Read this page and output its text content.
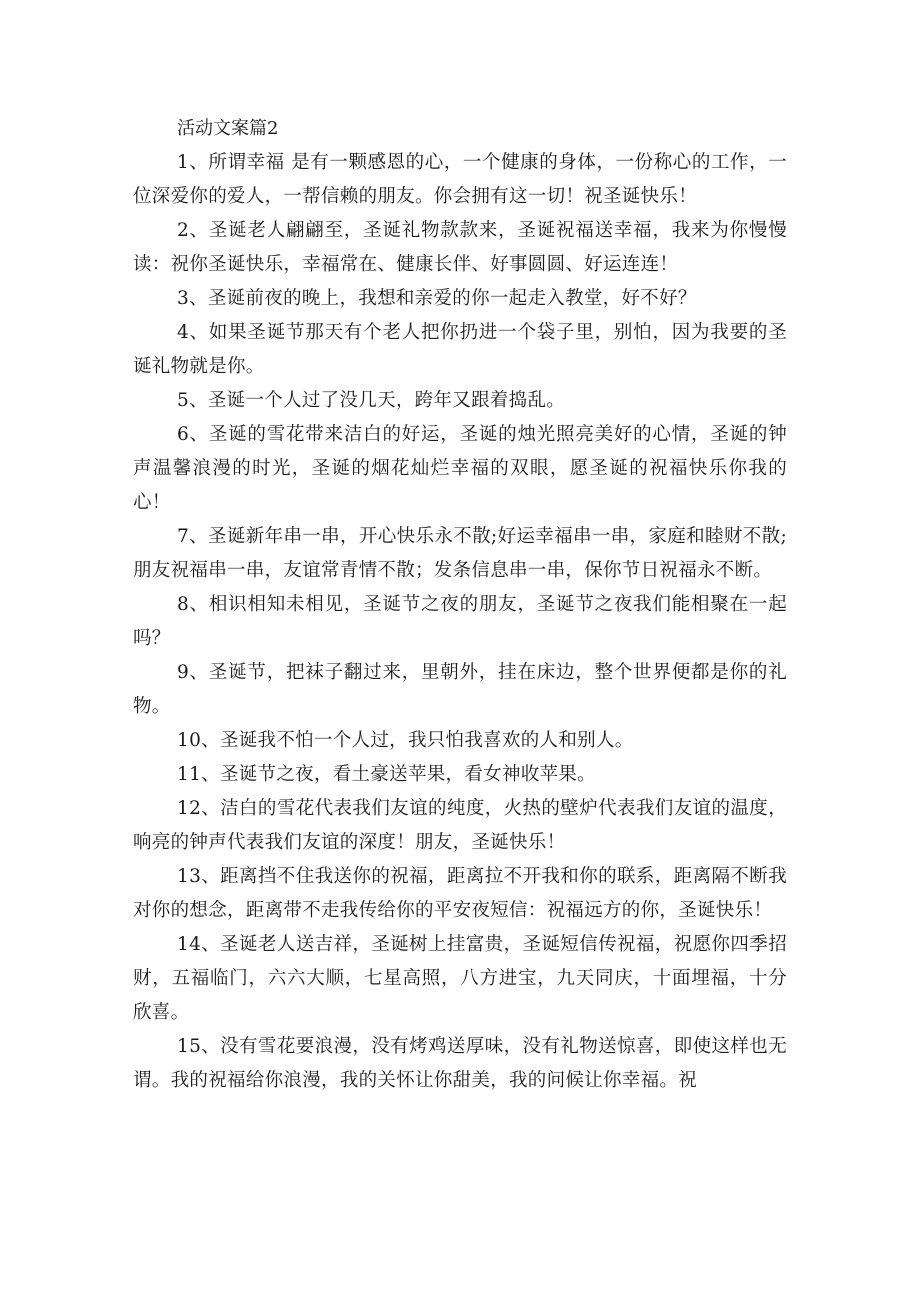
活动文案篇2

1、所谓幸福 是有一颗感恩的心，一个健康的身体，一份称心的工作，一位深爱你的爱人，一帮信赖的朋友。你会拥有这一切！祝圣诞快乐！

2、圣诞老人翩翩至，圣诞礼物款款来，圣诞祝福送幸福，我来为你慢慢读：祝你圣诞快乐，幸福常在、健康长伴、好事圆圆、好运连连！

3、圣诞前夜的晚上，我想和亲爱的你一起走入教堂，好不好？

4、如果圣诞节那天有个老人把你扔进一个袋子里，别怕，因为我要的圣诞礼物就是你。

5、圣诞一个人过了没几天，跨年又跟着捣乱。

6、圣诞的雪花带来洁白的好运，圣诞的烛光照亮美好的心情，圣诞的钟声温馨浪漫的时光，圣诞的烟花灿烂幸福的双眼，愿圣诞的祝福快乐你我的心！

7、圣诞新年串一串，开心快乐永不散;好运幸福串一串，家庭和睦财不散;朋友祝福串一串，友谊常青情不散；发条信息串一串，保你节日祝福永不断。

8、相识相知未相见，圣诞节之夜的朋友，圣诞节之夜我们能相聚在一起吗？

9、圣诞节，把袜子翻过来，里朝外，挂在床边，整个世界便都是你的礼物。

10、圣诞我不怕一个人过，我只怕我喜欢的人和别人。

11、圣诞节之夜，看土豪送苹果，看女神收苹果。

12、洁白的雪花代表我们友谊的纯度，火热的壁炉代表我们友谊的温度，响亮的钟声代表我们友谊的深度！朋友，圣诞快乐！

13、距离挡不住我送你的祝福，距离拉不开我和你的联系，距离隔不断我对你的想念，距离带不走我传给你的平安夜短信：祝福远方的你，圣诞快乐！

14、圣诞老人送吉祥，圣诞树上挂富贵，圣诞短信传祝福，祝愿你四季招财，五福临门，六六大顺，七星高照，八方进宝，九天同庆，十面埋福，十分欣喜。

15、没有雪花要浪漫，没有烤鸡送厚味，没有礼物送惊喜，即使这样也无谓。我的祝福给你浪漫，我的关怀让你甜美，我的问候让你幸福。祝
